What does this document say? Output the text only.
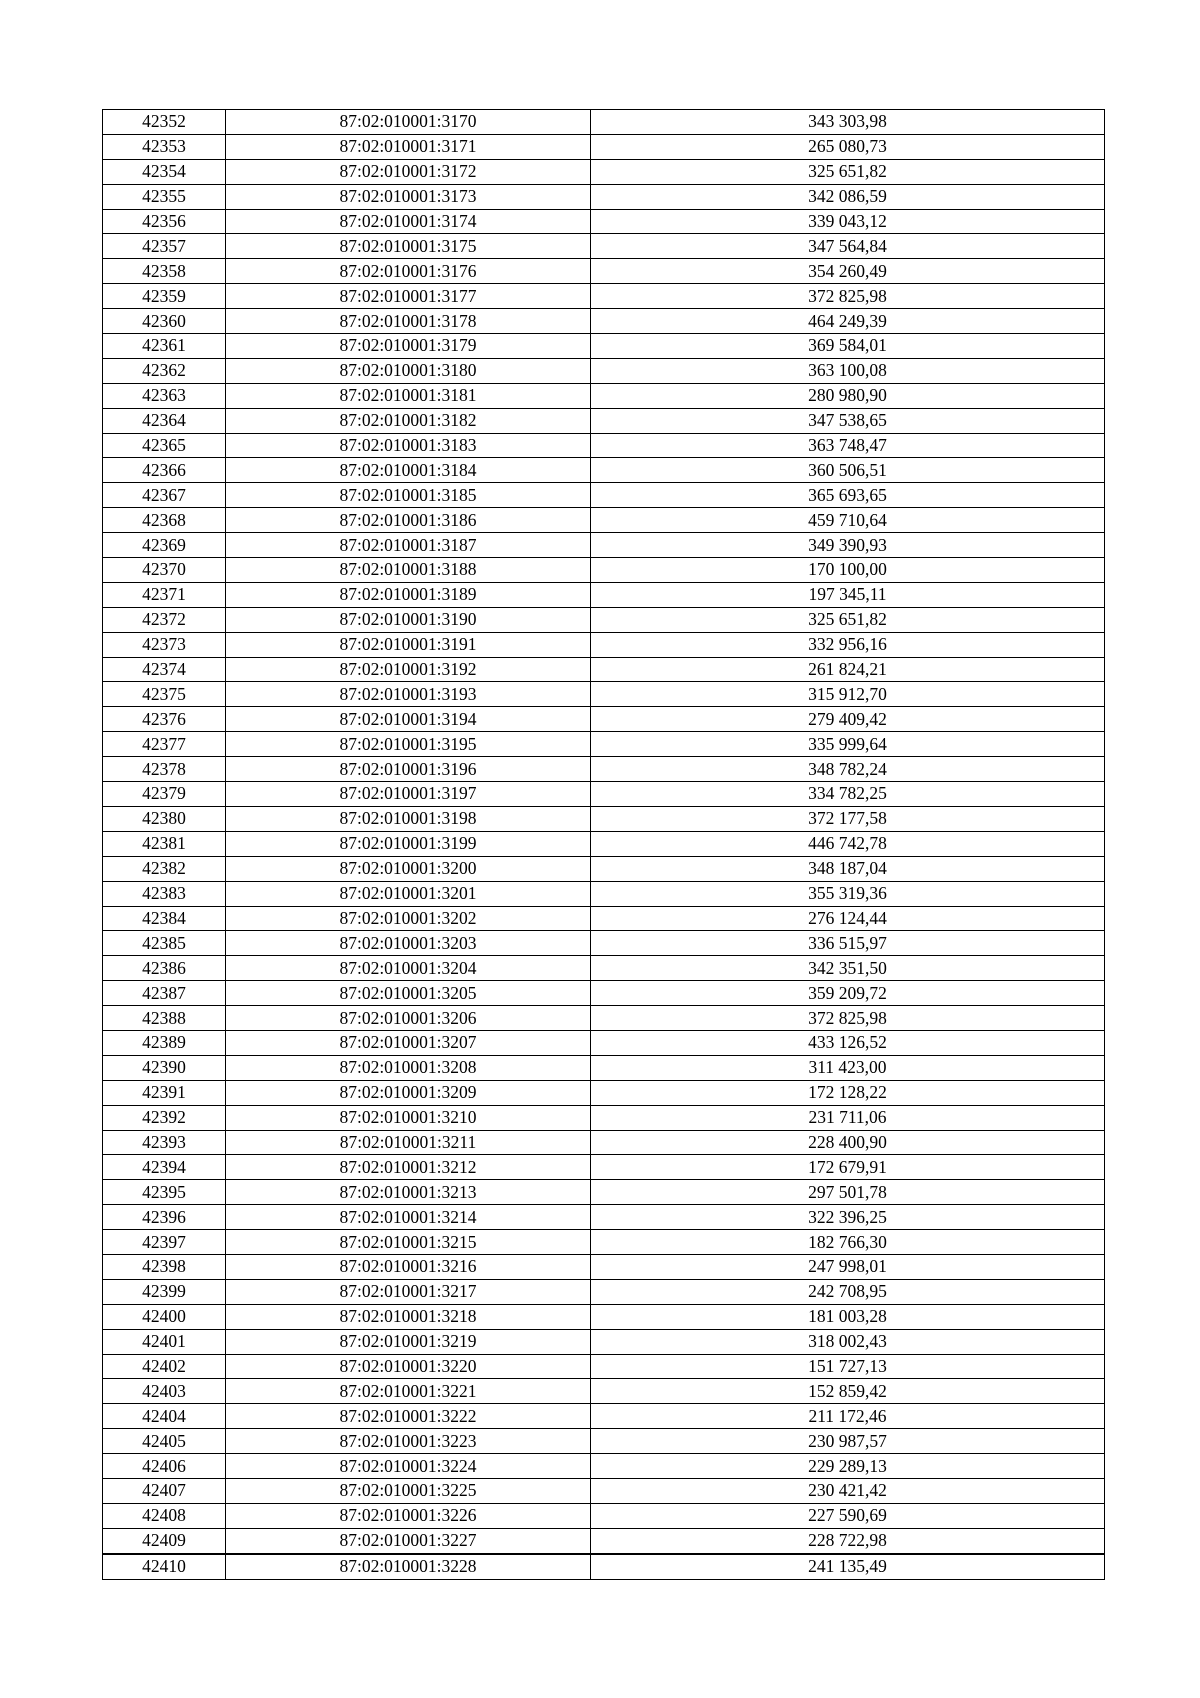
42352	87:02:010001:3170	343 303,98
42353	87:02:010001:3171	265 080,73
42354	87:02:010001:3172	325 651,82
42355	87:02:010001:3173	342 086,59
42356	87:02:010001:3174	339 043,12
42357	87:02:010001:3175	347 564,84
42358	87:02:010001:3176	354 260,49
42359	87:02:010001:3177	372 825,98
42360	87:02:010001:3178	464 249,39
42361	87:02:010001:3179	369 584,01
42362	87:02:010001:3180	363 100,08
42363	87:02:010001:3181	280 980,90
42364	87:02:010001:3182	347 538,65
42365	87:02:010001:3183	363 748,47
42366	87:02:010001:3184	360 506,51
42367	87:02:010001:3185	365 693,65
42368	87:02:010001:3186	459 710,64
42369	87:02:010001:3187	349 390,93
42370	87:02:010001:3188	170 100,00
42371	87:02:010001:3189	197 345,11
42372	87:02:010001:3190	325 651,82
42373	87:02:010001:3191	332 956,16
42374	87:02:010001:3192	261 824,21
42375	87:02:010001:3193	315 912,70
42376	87:02:010001:3194	279 409,42
42377	87:02:010001:3195	335 999,64
42378	87:02:010001:3196	348 782,24
42379	87:02:010001:3197	334 782,25
42380	87:02:010001:3198	372 177,58
42381	87:02:010001:3199	446 742,78
42382	87:02:010001:3200	348 187,04
42383	87:02:010001:3201	355 319,36
42384	87:02:010001:3202	276 124,44
42385	87:02:010001:3203	336 515,97
42386	87:02:010001:3204	342 351,50
42387	87:02:010001:3205	359 209,72
42388	87:02:010001:3206	372 825,98
42389	87:02:010001:3207	433 126,52
42390	87:02:010001:3208	311 423,00
42391	87:02:010001:3209	172 128,22
42392	87:02:010001:3210	231 711,06
42393	87:02:010001:3211	228 400,90
42394	87:02:010001:3212	172 679,91
42395	87:02:010001:3213	297 501,78
42396	87:02:010001:3214	322 396,25
42397	87:02:010001:3215	182 766,30
42398	87:02:010001:3216	247 998,01
42399	87:02:010001:3217	242 708,95
42400	87:02:010001:3218	181 003,28
42401	87:02:010001:3219	318 002,43
42402	87:02:010001:3220	151 727,13
42403	87:02:010001:3221	152 859,42
42404	87:02:010001:3222	211 172,46
42405	87:02:010001:3223	230 987,57
42406	87:02:010001:3224	229 289,13
42407	87:02:010001:3225	230 421,42
42408	87:02:010001:3226	227 590,69
42409	87:02:010001:3227	228 722,98
42410	87:02:010001:3228	241 135,49
